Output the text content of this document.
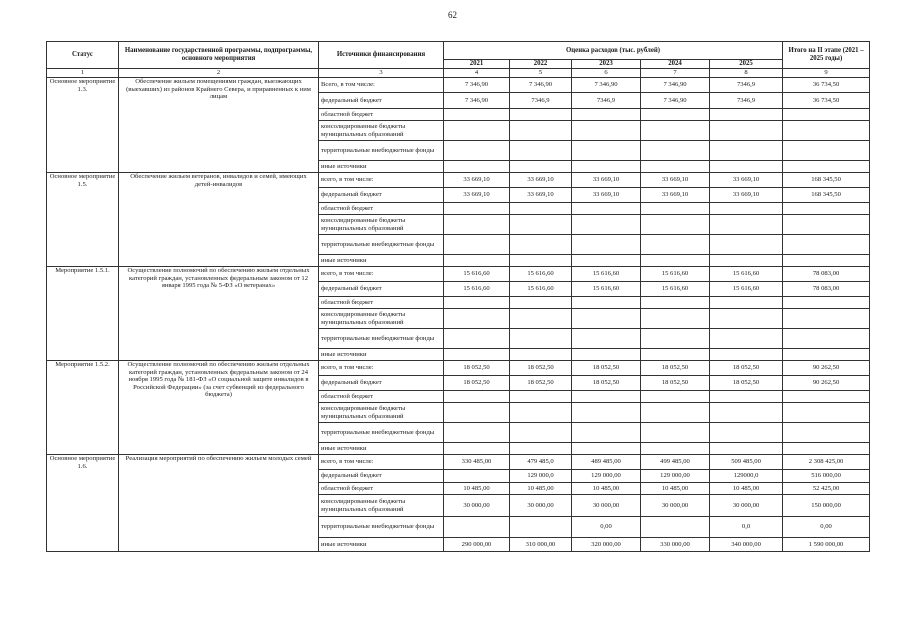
62
Статус	Наименование государственной программы, подпрограммы, основного мероприятия	Источники финансирования	Оценка расходов (тыс. рублей)					Итого на II этапе (2021 – 2025 годы)
			2021	2022	2023	2024	2025	
1	2	3	4	5	6	7	8	9
Основное мероприятие 1.3.	Обеспечение жильем помещениями граждан, выезжающих (выехавших) из районов Крайнего Севера, и приравненных к ним лицам	Всего, в том числе:	7 346,90	7 346,90	7 346,90	7 346,90	7346,9	36 734,50
		федеральный бюджет	7 346,90	7346,9	7346,9	7 346,90	7346,9	36 734,50
		областной бюджет						
		консолидированные бюджеты муниципальных образований						
		территориальные внебюджетные фонды						
		иные источники						
Основное мероприятие 1.5.	Обеспечение жильем ветеранов, инвалидов и семей, имеющих детей-инвалидов	всего, в том числе:	33 669,10	33 669,10	33 669,10	33 669,10	33 669,10	168 345,50
		федеральный бюджет	33 669,10	33 669,10	33 669,10	33 669,10	33 669,10	168 345,50
		областной бюджет						
		консолидированные бюджеты муниципальных образований						
		территориальные внебюджетные фонды						
		иные источники						
Мероприятие 1.5.1.	Осуществление полномочий по обеспечению жильем отдельных категорий граждан, установленных федеральным законом от 12 января 1995 года № 5-ФЗ «О ветеранах»	всего, в том числе:	15 616,60	15 616,60	15 616,60	15 616,60	15 616,60	78 083,00
		федеральный бюджет	15 616,60	15 616,60	15 616,60	15 616,60	15 616,60	78 083,00
		областной бюджет						
		консолидированные бюджеты муниципальных образований						
		территориальные внебюджетные фонды						
		иные источники						
Мероприятие 1.5.2.	Осуществление полномочий по обеспечению жильем отдельных категорий граждан, установленных федеральным законом от 24 ноября 1995 года № 181-ФЗ «О социальной защите инвалидов в Российской Федерации» (за счет субвенций из федерального бюджета)	всего, в том числе:	18 052,50	18 052,50	18 052,50	18 052,50	18 052,50	90 262,50
		федеральный бюджет	18 052,50	18 052,50	18 052,50	18 052,50	18 052,50	90 262,50
		областной бюджет						
		консолидированные бюджеты муниципальных образований						
		территориальные внебюджетные фонды						
		иные источники						
Основное мероприятие 1.6.	Реализация мероприятий по обеспечению жильем молодых семей	всего, в том числе:	330 485,00	479 485,0	489 485,00	499 485,00	509 485,00	2 308 425,00
		федеральный бюджет		129 000,0	129 000,00	129 000,00	129000,0	516 000,00
		областной бюджет	10 485,00	10 485,00	10 485,00	10 485,00	10 485,00	52 425,00
		консолидированные бюджеты муниципальных образований	30 000,00	30 000,00	30 000,00	30 000,00	30 000,00	150 000,00
		территориальные внебюджетные фонды			0,00		0,0	0,00
		иные источники	290 000,00	310 000,00	320 000,00	330 000,00	340 000,00	1 590 000,00
